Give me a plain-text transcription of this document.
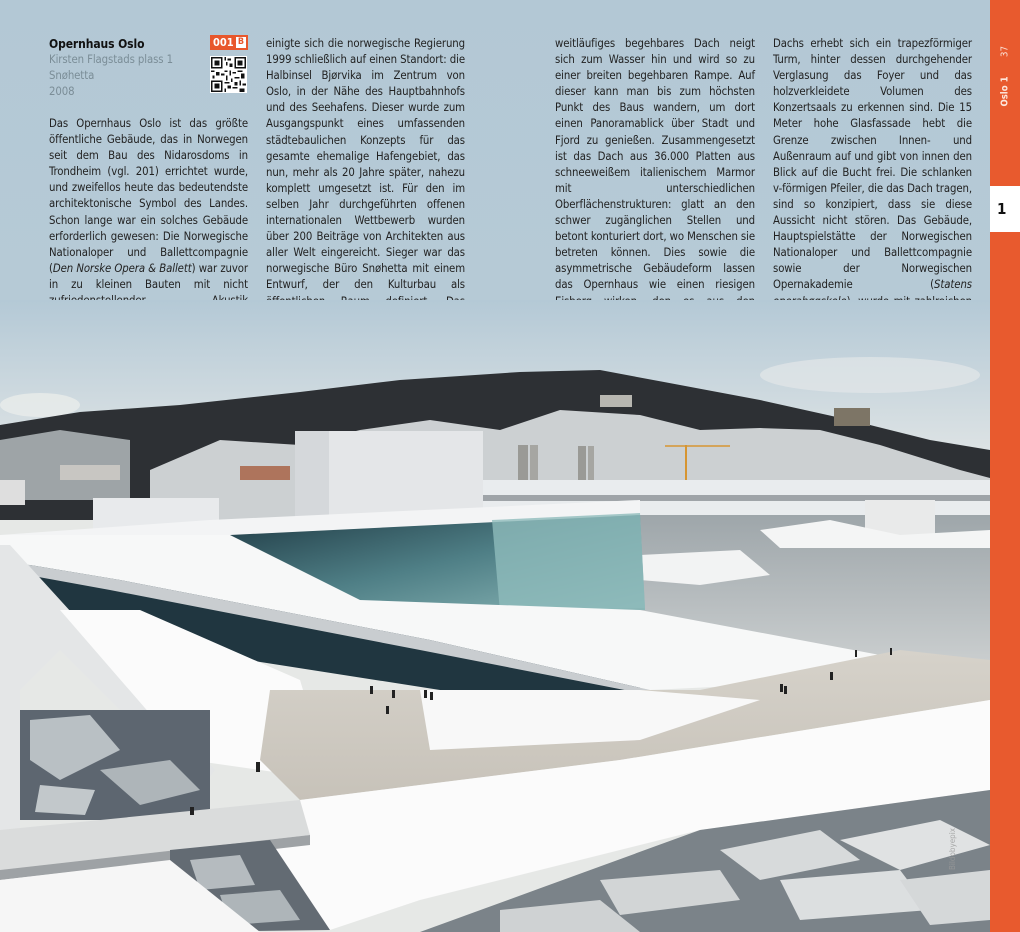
Opernhaus Oslo
Kirsten Flagstads plass 1
Snøhetta
2008

Das Opernhaus Oslo ist das größte öffentliche Gebäude, das in Norwegen seit dem Bau des Nidarosdoms in Trondheim (vgl. 201) errichtet wurde, und zweifellos heute das bedeutendste architektonische Symbol des Landes. Schon lange war ein solches Gebäude erforderlich gewesen: Die Norwegische Nationaloper und Ballettcompagnie (Den Norske Opera & Ballett) war zuvor in zu kleinen Bauten mit nicht

001 B einigte sich die norwegische Regierung 1999 schließlich auf einen Standort: die Halbinsel Bjørvika im Zentrum von Oslo, in der Nähe des Hauptbahnhofs und des Seehafens. Dieser wurde zum Ausgangspunkt eines umfassenden städtebaulichen Konzepts für das gesamte ehemalige Hafengebiet, das nun, mehr als 20 Jahre später, nahezu komplett umgesetzt ist. Für den im selben Jahr durchgeführten offenen internationalen Wettbewerb wurden über 200 Beiträge von Architekten aus aller Welt eingereicht. Sieger war das norwegische Büro Snøhetta mit einem Entwurf, der den Kulturbau als

weitläufiges begehbares Dach neigt sich zum Wasser hin und wird so zu einer breiten begehbaren Rampe. Auf dieser kann man bis zum höchsten Punkt des Baus wandern, um dort einen Panoramablick über Stadt und Fjord zu genießen. Zusammengesetzt ist das Dach aus 36.000 Platten aus schneeweißem italienischem Marmor mit unterschiedlichen Oberflächenstrukturen: glatt an den schwer zugänglichen Stellen und betont konturiert dort, wo Menschen sie betreten können. Dies sowie die asymmetrische Gebäudeform lassen das Opernhaus wie einen riesigen

Dachs erhebt sich ein trapezförmiger Turm, hinter dessen durchgehender Verglasung das Foyer und das holzverkleidete Volumen des Konzertsaals zu erkennen sind. Die 15 Meter hohe Glasfassade hebt die Grenze zwischen Innen- und Außenraum auf und gibt von innen den Blick auf die Bucht frei. Die schlanken v-förmigen Pfeiler, die das Dach tragen, sind so konzipiert, dass sie diese Aussicht nicht stören. Das Gebäude, Hauptspielstätte der Norwegischen Nationaloper und Ballettcompagnie sowie der Norwegischen Opernakademie (Statens

Bildobyepix
37
Oslo 1
1
